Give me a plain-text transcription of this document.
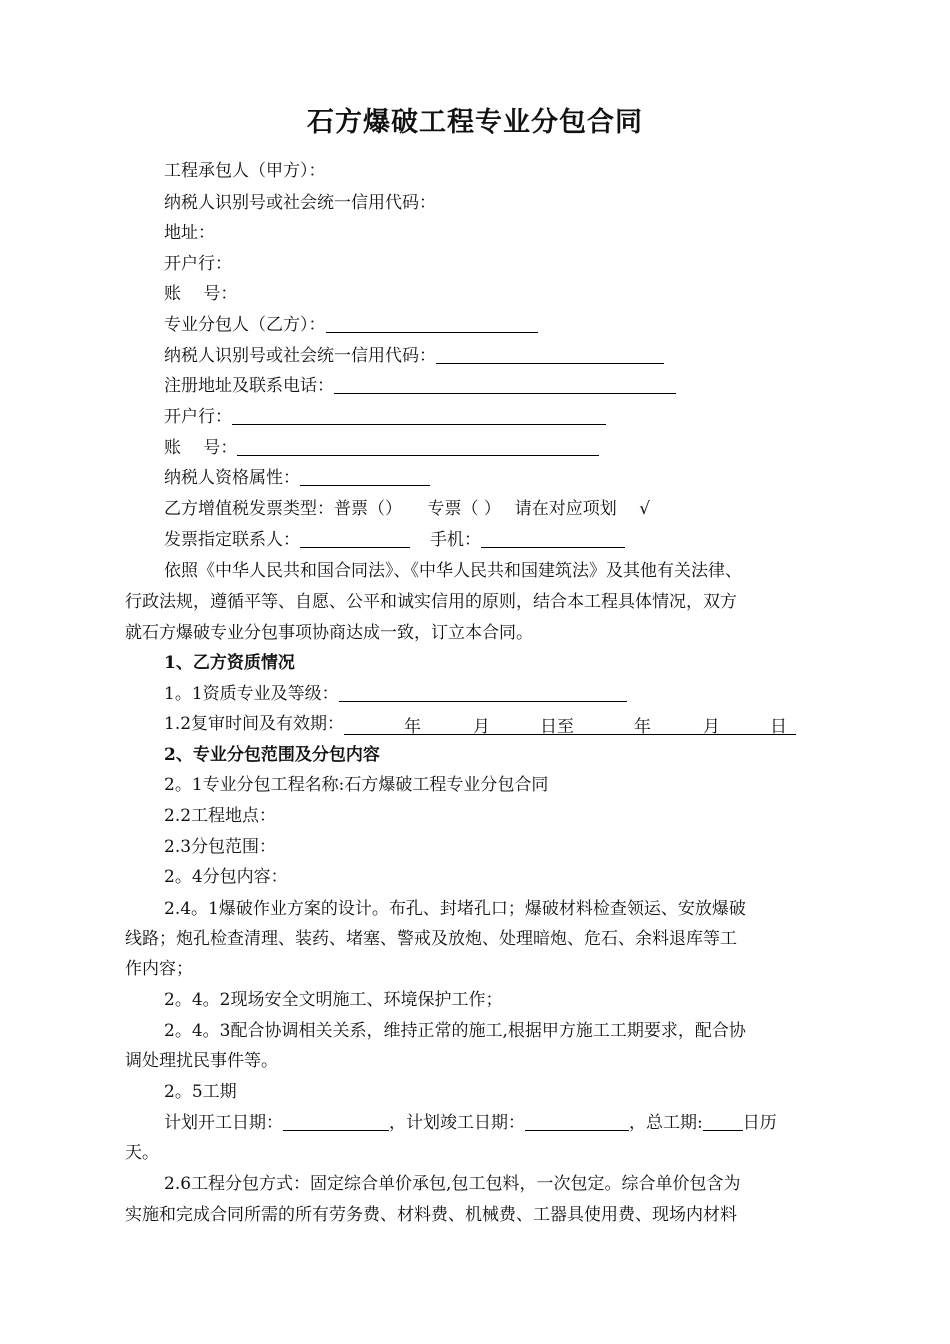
石方爆破工程专业分包合同
工程承包人（甲方）：
纳税人识别号或社会统一信用代码：
地址：
开户行：
账　 号：
专业分包人（乙方）：
纳税人识别号或社会统一信用代码：
注册地址及联系电话：
开户行：
账　 号：
纳税人资格属性：
乙方增值税发票类型：普票（）　　专票（ ）　 请在对应项划　 √
发票指定联系人：	手机：
依照《中华人民共和国合同法》、《中华人民共和国建筑法》及其他有关法律、
行政法规，遵循平等、自愿、公平和诚实信用的原则，结合本工程具体情况，双方
就石方爆破专业分包事项协商达成一致，订立本合同。
1、乙方资质情况
1。1资质专业及等级：
1.2复审时间及有效期：	年	月	日至	年	月	日
2、专业分包范围及分包内容
2。1专业分包工程名称:石方爆破工程专业分包合同
2.2工程地点：
2.3分包范围：
2。4分包内容：
2.4。1爆破作业方案的设计。布孔、封堵孔口；爆破材料检查领运、安放爆破
线路；炮孔检查清理、装药、堵塞、警戒及放炮、处理暗炮、危石、余料退库等工
作内容；
2。4。2现场安全文明施工、环境保护工作；
2。4。3配合协调相关关系，维持正常的施工,根据甲方施工工期要求，配合协
调处理扰民事件等。
2。5工期
计划开工日期：	，计划竣工日期：	，总工期: 日历
天。
2.6工程分包方式：固定综合单价承包,包工包料，一次包定。综合单价包含为
实施和完成合同所需的所有劳务费、材料费、机械费、工器具使用费、现场内材料
